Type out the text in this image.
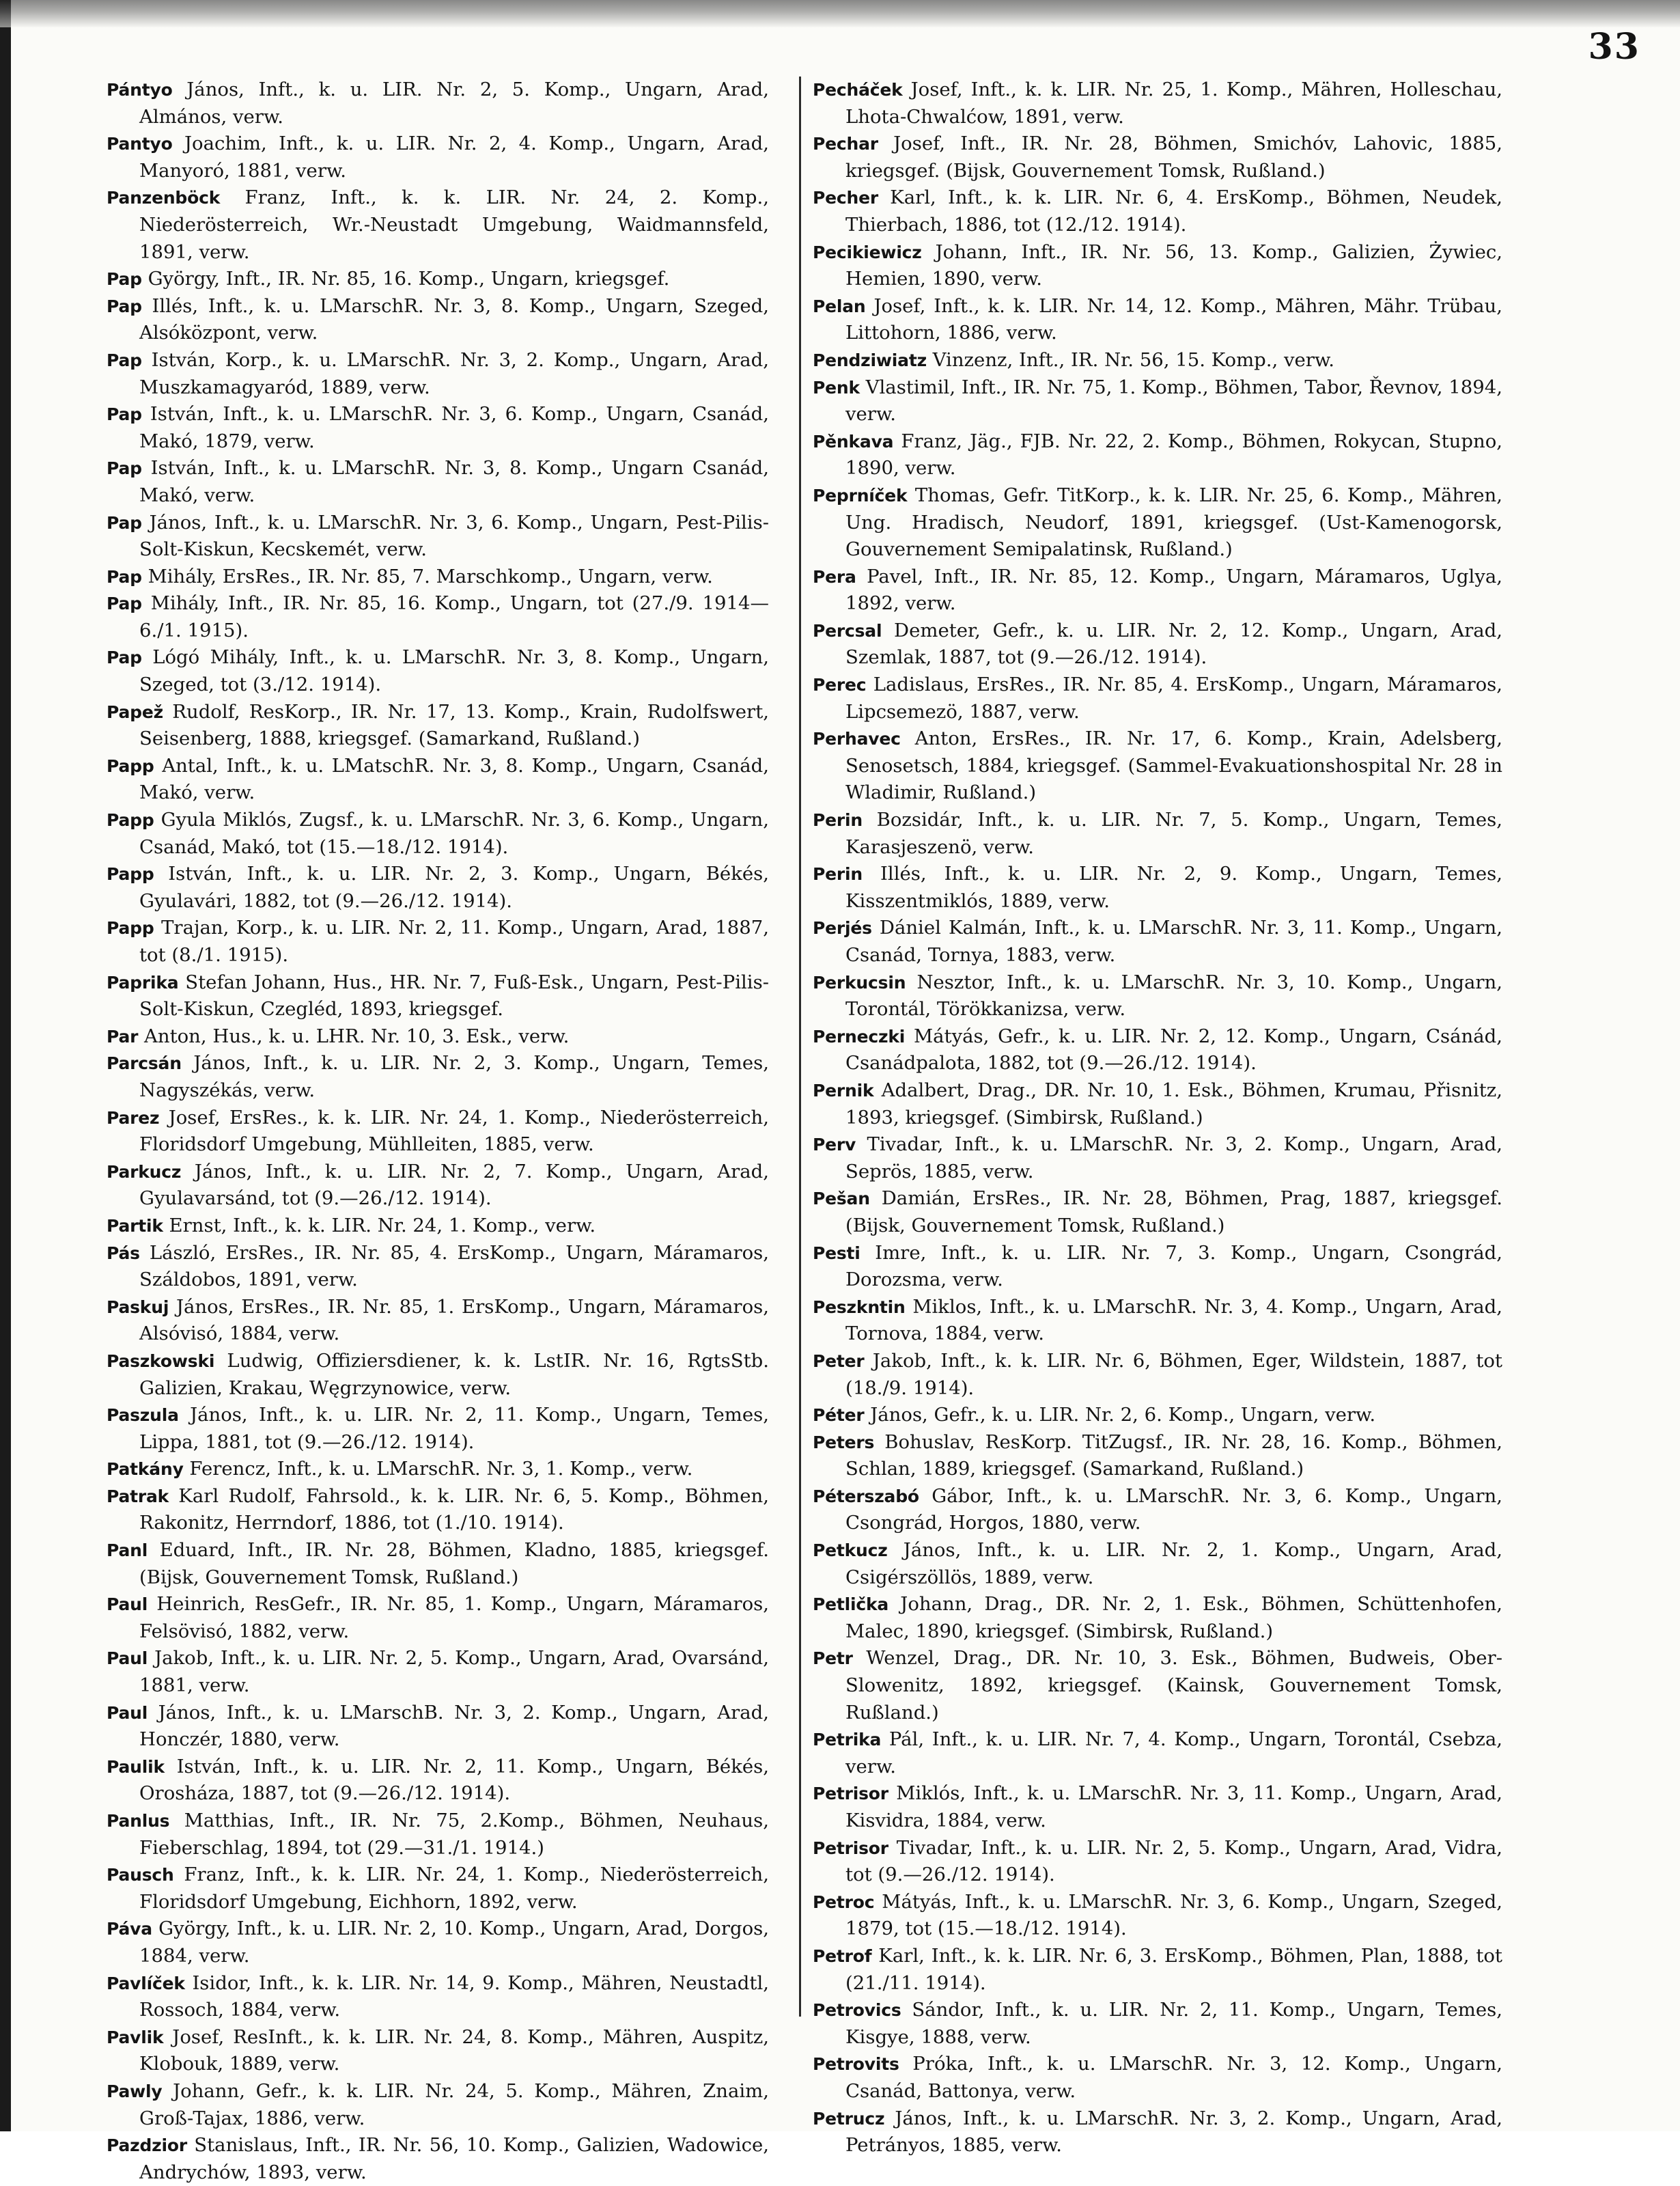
33

Pántyo János, Inft., k. u. LIR. Nr. 2, 5. Komp., Ungarn, Arad, Almános, verw.

Pantyo Joachim, Inft., k. u. LIR. Nr. 2, 4. Komp., Ungarn, Arad, Manyoró, 1881, verw.

Panzenböck Franz, Inft., k. k. LIR. Nr. 24, 2. Komp., Niederösterreich, Wr.-Neustadt Umgebung, Waidmannsfeld, 1891, verw.

Pap György, Inft., IR. Nr. 85, 16. Komp., Ungarn, kriegsgef.

Pap Illés, Inft., k. u. LMarschR. Nr. 3, 8. Komp., Ungarn, Szeged, Alsóközpont, verw.

Pap István, Korp., k. u. LMarschR. Nr. 3, 2. Komp., Ungarn, Arad, Muszkamagyaród, 1889, verw.

Pap István, Inft., k. u. LMarschR. Nr. 3, 6. Komp., Ungarn, Csanád, Makó, 1879, verw.

Pap István, Inft., k. u. LMarschR. Nr. 3, 8. Komp., Ungarn Csanád, Makó, verw.

Pap János, Inft., k. u. LMarschR. Nr. 3, 6. Komp., Ungarn, Pest-Pilis-Solt-Kiskun, Kecskemét, verw.

Pap Mihály, ErsRes., IR. Nr. 85, 7. Marschkomp., Ungarn, verw.

Pap Mihály, Inft., IR. Nr. 85, 16. Komp., Ungarn, tot (27./9. 1914—6./1. 1915).

Pap Lógó Mihály, Inft., k. u. LMarschR. Nr. 3, 8. Komp., Ungarn, Szeged, tot (3./12. 1914).

Papež Rudolf, ResKorp., IR. Nr. 17, 13. Komp., Krain, Rudolfswert, Seisenberg, 1888, kriegsgef. (Samarkand, Rußland.)

Papp Antal, Inft., k. u. LMatschR. Nr. 3, 8. Komp., Ungarn, Csanád, Makó, verw.

Papp Gyula Miklós, Zugsf., k. u. LMarschR. Nr. 3, 6. Komp., Ungarn, Csanád, Makó, tot (15.—18./12. 1914).

Papp István, Inft., k. u. LIR. Nr. 2, 3. Komp., Ungarn, Békés, Gyulavári, 1882, tot (9.—26./12. 1914).

Papp Trajan, Korp., k. u. LIR. Nr. 2, 11. Komp., Ungarn, Arad, 1887, tot (8./1. 1915).

Paprika Stefan Johann, Hus., HR. Nr. 7, Fuß-Esk., Ungarn, Pest-Pilis-Solt-Kiskun, Czegléd, 1893, kriegsgef.

Par Anton, Hus., k. u. LHR. Nr. 10, 3. Esk., verw.

Parcsán János, Inft., k. u. LIR. Nr. 2, 3. Komp., Ungarn, Temes, Nagyszékás, verw.

Parez Josef, ErsRes., k. k. LIR. Nr. 24, 1. Komp., Niederösterreich, Floridsdorf Umgebung, Mühlleiten, 1885, verw.

Parkucz János, Inft., k. u. LIR. Nr. 2, 7. Komp., Ungarn, Arad, Gyulavarsánd, tot (9.—26./12. 1914).

Partik Ernst, Inft., k. k. LIR. Nr. 24, 1. Komp., verw.

Pás László, ErsRes., IR. Nr. 85, 4. ErsKomp., Ungarn, Máramaros, Száldobos, 1891, verw.

Paskuj János, ErsRes., IR. Nr. 85, 1. ErsKomp., Ungarn, Máramaros, Alsóvisó, 1884, verw.

Paszkowski Ludwig, Offiziersdiener, k. k. LstIR. Nr. 16, RgtsStb. Galizien, Krakau, Węgrzynowice, verw.

Paszula János, Inft., k. u. LIR. Nr. 2, 11. Komp., Ungarn, Temes, Lippa, 1881, tot (9.—26./12. 1914).

Patkány Ferencz, Inft., k. u. LMarschR. Nr. 3, 1. Komp., verw.

Patrak Karl Rudolf, Fahrsold., k. k. LIR. Nr. 6, 5. Komp., Böhmen, Rakonitz, Herrndorf, 1886, tot (1./10. 1914).

Panl Eduard, Inft., IR. Nr. 28, Böhmen, Kladno, 1885, kriegsgef. (Bijsk, Gouvernement Tomsk, Rußland.)

Paul Heinrich, ResGefr., IR. Nr. 85, 1. Komp., Ungarn, Máramaros, Felsövisó, 1882, verw.

Paul Jakob, Inft., k. u. LIR. Nr. 2, 5. Komp., Ungarn, Arad, Ovarsánd, 1881, verw.

Paul János, Inft., k. u. LMarschB. Nr. 3, 2. Komp., Ungarn, Arad, Honczér, 1880, verw.

Paulik István, Inft., k. u. LIR. Nr. 2, 11. Komp., Ungarn, Békés, Orosháza, 1887, tot (9.—26./12. 1914).

Panlus Matthias, Inft., IR. Nr. 75, 2.Komp., Böhmen, Neuhaus, Fieberschlag, 1894, tot (29.—31./1. 1914.)

Pausch Franz, Inft., k. k. LIR. Nr. 24, 1. Komp., Niederösterreich, Floridsdorf Umgebung, Eichhorn, 1892, verw.

Páva György, Inft., k. u. LIR. Nr. 2, 10. Komp., Ungarn, Arad, Dorgos, 1884, verw.

Pavlíček Isidor, Inft., k. k. LIR. Nr. 14, 9. Komp., Mähren, Neustadtl, Rossoch, 1884, verw.

Pavlik Josef, ResInft., k. k. LIR. Nr. 24, 8. Komp., Mähren, Auspitz, Klobouk, 1889, verw.

Pawly Johann, Gefr., k. k. LIR. Nr. 24, 5. Komp., Mähren, Znaim, Groß-Tajax, 1886, verw.

Pazdzior Stanislaus, Inft., IR. Nr. 56, 10. Komp., Galizien, Wadowice, Andrychów, 1893, verw.

Pecháček Josef, Inft., k. k. LIR. Nr. 25, 1. Komp., Mähren, Holleschau, Lhota-Chwalćow, 1891, verw.

Pechar Josef, Inft., IR. Nr. 28, Böhmen, Smichóv, Lahovic, 1885, kriegsgef. (Bijsk, Gouvernement Tomsk, Rußland.)

Pecher Karl, Inft., k. k. LIR. Nr. 6, 4. ErsKomp., Böhmen, Neudek, Thierbach, 1886, tot (12./12. 1914).

Pecikiewicz Johann, Inft., IR. Nr. 56, 13. Komp., Galizien, Żywiec, Hemien, 1890, verw.

Pelan Josef, Inft., k. k. LIR. Nr. 14, 12. Komp., Mähren, Mähr. Trübau, Littohorn, 1886, verw.

Pendziwiatz Vinzenz, Inft., IR. Nr. 56, 15. Komp., verw.

Penk Vlastimil, Inft., IR. Nr. 75, 1. Komp., Böhmen, Tabor, Řevnov, 1894, verw.

Pěnkava Franz, Jäg., FJB. Nr. 22, 2. Komp., Böhmen, Rokycan, Stupno, 1890, verw.

Peprníček Thomas, Gefr. TitKorp., k. k. LIR. Nr. 25, 6. Komp., Mähren, Ung. Hradisch, Neudorf, 1891, kriegsgef. (Ust-Kamenogorsk, Gouvernement Semipalatinsk, Rußland.)

Pera Pavel, Inft., IR. Nr. 85, 12. Komp., Ungarn, Máramaros, Uglya, 1892, verw.

Percsal Demeter, Gefr., k. u. LIR. Nr. 2, 12. Komp., Ungarn, Arad, Szemlak, 1887, tot (9.—26./12. 1914).

Perec Ladislaus, ErsRes., IR. Nr. 85, 4. ErsKomp., Ungarn, Máramaros, Lipcsemezö, 1887, verw.

Perhavec Anton, ErsRes., IR. Nr. 17, 6. Komp., Krain, Adelsberg, Senosetsch, 1884, kriegsgef. (Sammel-Evakuationshospital Nr. 28 in Wladimir, Rußland.)

Perin Bozsidár, Inft., k. u. LIR. Nr. 7, 5. Komp., Ungarn, Temes, Karasjeszenö, verw.

Perin Illés, Inft., k. u. LIR. Nr. 2, 9. Komp., Ungarn, Temes, Kisszentmiklós, 1889, verw.

Perjés Dániel Kalmán, Inft., k. u. LMarschR. Nr. 3, 11. Komp., Ungarn, Csanád, Tornya, 1883, verw.

Perkucsin Nesztor, Inft., k. u. LMarschR. Nr. 3, 10. Komp., Ungarn, Torontál, Törökkanizsa, verw.

Perneczki Mátyás, Gefr., k. u. LIR. Nr. 2, 12. Komp., Ungarn, Csánád, Csanádpalota, 1882, tot (9.—26./12. 1914).

Pernik Adalbert, Drag., DR. Nr. 10, 1. Esk., Böhmen, Krumau, Přisnitz, 1893, kriegsgef. (Simbirsk, Rußland.)

Perv Tivadar, Inft., k. u. LMarschR. Nr. 3, 2. Komp., Ungarn, Arad, Seprös, 1885, verw.

Pešan Damián, ErsRes., IR. Nr. 28, Böhmen, Prag, 1887, kriegsgef. (Bijsk, Gouvernement Tomsk, Rußland.)

Pesti Imre, Inft., k. u. LIR. Nr. 7, 3. Komp., Ungarn, Csongrád, Dorozsma, verw.

Peszkntin Miklos, Inft., k. u. LMarschR. Nr. 3, 4. Komp., Ungarn, Arad, Tornova, 1884, verw.

Peter Jakob, Inft., k. k. LIR. Nr. 6, Böhmen, Eger, Wildstein, 1887, tot (18./9. 1914).

Péter János, Gefr., k. u. LIR. Nr. 2, 6. Komp., Ungarn, verw.

Peters Bohuslav, ResKorp. TitZugsf., IR. Nr. 28, 16. Komp., Böhmen, Schlan, 1889, kriegsgef. (Samarkand, Rußland.)

Péterszabó Gábor, Inft., k. u. LMarschR. Nr. 3, 6. Komp., Ungarn, Csongrád, Horgos, 1880, verw.

Petkucz János, Inft., k. u. LIR. Nr. 2, 1. Komp., Ungarn, Arad, Csigérszöllös, 1889, verw.

Petlička Johann, Drag., DR. Nr. 2, 1. Esk., Böhmen, Schüttenhofen, Malec, 1890, kriegsgef. (Simbirsk, Rußland.)

Petr Wenzel, Drag., DR. Nr. 10, 3. Esk., Böhmen, Budweis, Ober-Slowenitz, 1892, kriegsgef. (Kainsk, Gouvernement Tomsk, Rußland.)

Petrika Pál, Inft., k. u. LIR. Nr. 7, 4. Komp., Ungarn, Torontál, Csebza, verw.

Petrisor Miklós, Inft., k. u. LMarschR. Nr. 3, 11. Komp., Ungarn, Arad, Kisvidra, 1884, verw.

Petrisor Tivadar, Inft., k. u. LIR. Nr. 2, 5. Komp., Ungarn, Arad, Vidra, tot (9.—26./12. 1914).

Petroc Mátyás, Inft., k. u. LMarschR. Nr. 3, 6. Komp., Ungarn, Szeged, 1879, tot (15.—18./12. 1914).

Petrof Karl, Inft., k. k. LIR. Nr. 6, 3. ErsKomp., Böhmen, Plan, 1888, tot (21./11. 1914).

Petrovics Sándor, Inft., k. u. LIR. Nr. 2, 11. Komp., Ungarn, Temes, Kisgye, 1888, verw.

Petrovits Próka, Inft., k. u. LMarschR. Nr. 3, 12. Komp., Ungarn, Csanád, Battonya, verw.

Petrucz János, Inft., k. u. LMarschR. Nr. 3, 2. Komp., Ungarn, Arad, Petrányos, 1885, verw.
